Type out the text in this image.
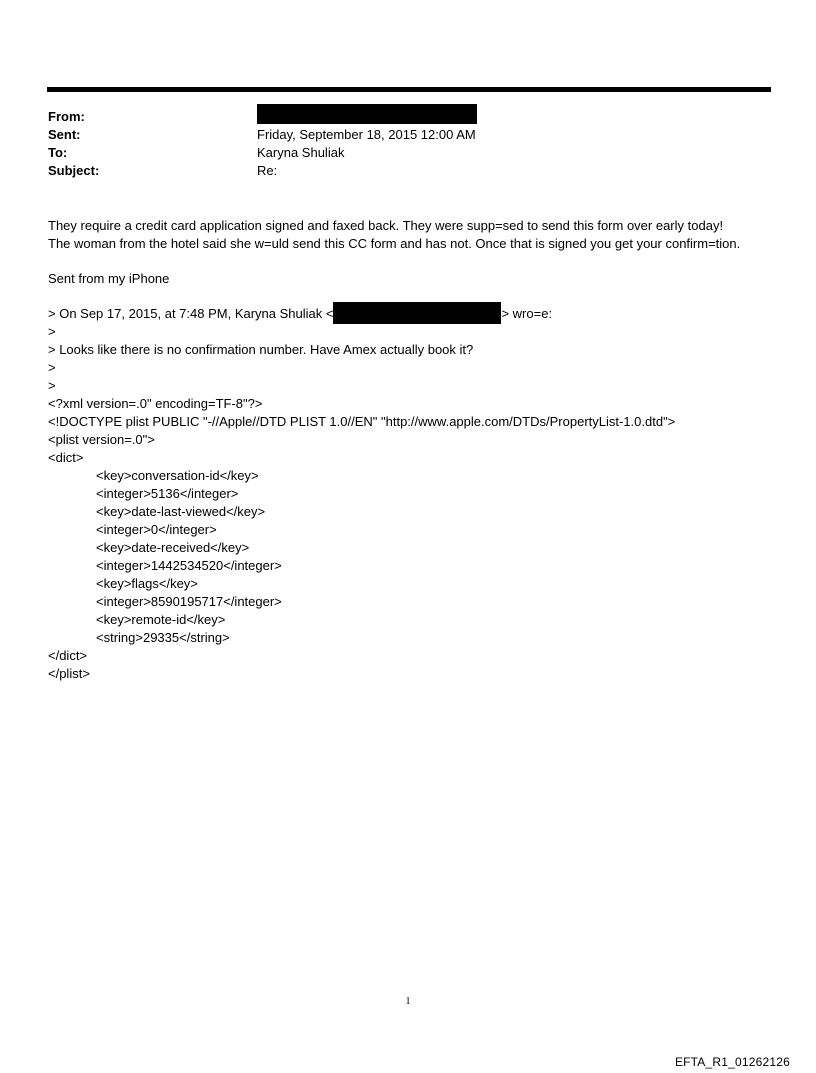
From:
Sent:	Friday, September 18, 2015 12:00 AM
To:	Karyna Shuliak
Subject:	Re:

They require a credit card application signed and faxed back. They were supp=sed to send this form over early today!

The woman from the hotel said she w=uld send this CC form and has not. Once that is signed you get your confirm=tion.

Sent from my iPhone

> On Sep 17, 2015, at 7:48 PM, Karyna Shuliak <	> wro=e:
>
> Looks like there is no confirmation number. Have Amex actually book it?
>
>
<?xml version=.0" encoding=TF-8"?>
<!DOCTYPE plist PUBLIC "-//Apple//DTD PLIST 1.0//EN" "http://www.apple.com/DTDs/PropertyList-1.0.dtd">
<plist version=.0">
<dict>
<key>conversation-id</key>
<integer>5136</integer>
<key>date-last-viewed</key>
<integer>0</integer>
<key>date-received</key>
<integer>1442534520</integer>
<key>flags</key>
<integer>8590195717</integer>
<key>remote-id</key>
<string>29335</string>
</dict>
</plist>
1
EFTA_R1_01262126
